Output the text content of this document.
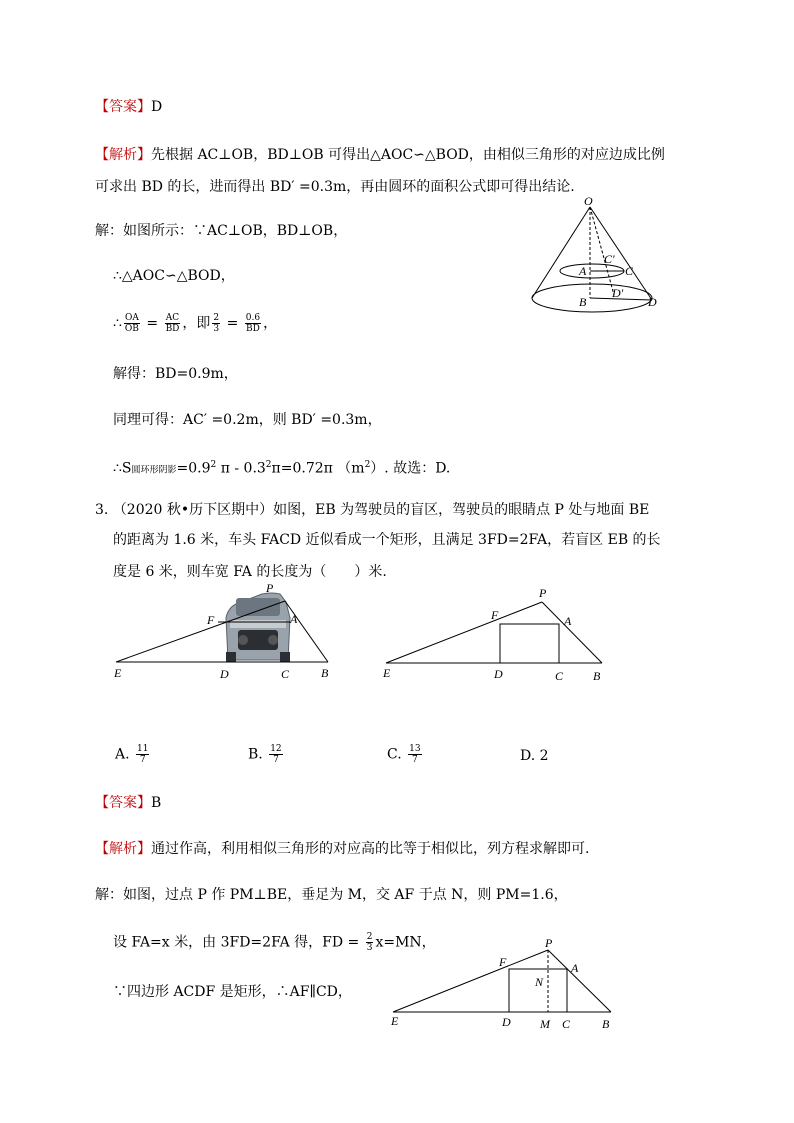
【答案】D
【解析】先根据 AC⊥OB，BD⊥OB 可得出△AOC∽△BOD，由相似三角形的对应边成比例
可求出 BD 的长，进而得出 BD′ =0.3m，再由圆环的面积公式即可得出结论.
解：如图所示：∵AC⊥OB，BD⊥OB，
∴△AOC∽△BOD，
∴ $\frac{OA}{OB} = \frac{AC}{BD}$ ，即 $\frac{2}{3} = \frac{0.6}{BD}$ ，
解得：BD=0.9m，
同理可得：AC′ =0.2m，则 BD′ =0.3m，
∴S圆环形阴影$=0.9^2$ $\pi - 0.3^2\pi=0.72\pi$ $(m^2)$. 故选：D.
O
C′
A	C
D′
B	D
3. （2020 秋•历下区期中）如图，EB 为驾驶员的盲区，驾驶员的眼睛点 P 处与地面 BE
的距离为 1.6 米，车头 FACD 近似看成一个矩形，且满足 3FD=2FA，若盲区 EB 的长
度是 6 米，则车宽 FA 的长度为（　　）米.
P
F	A
E	D	C	B
P
F	A
E	D	C B
A. $\frac{11}{7}$	B. $\frac{12}{7}$	C. $\frac{13}{7}$	D. 2
【答案】B
【解析】通过作高，利用相似三角形的对应高的比等于相似比，列方程求解即可.
解：如图，过点 P 作 PM⊥BE，垂足为 M，交 AF 于点 N，则 PM=1.6，
设 FA=x 米，由 3FD=2FA 得，FD = $\frac{2}{3} x=MN$，
∵四边形 ACDF 是矩形，∴AF∥CD，
P
F	A
N
E	D M C	B
